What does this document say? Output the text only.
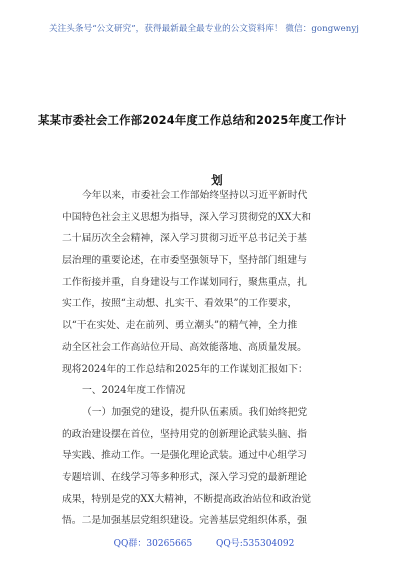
关注头条号“公文研究”，获得最新最全最专业的公文资料库！ 微信：gongwenyj
某某市委社会工作部2024年度工作总结和2025年度工作计
划
今年以来，市委社会工作部始终坚持以习近平新时代
中国特色社会主义思想为指导，深入学习贯彻党的XX大和
二十届历次全会精神，深入学习贯彻习近平总书记关于基
层治理的重要论述，在市委坚强领导下，坚持部门组建与
工作衔接并重，自身建设与工作谋划同行，聚焦重点，扎
实工作，按照“主动想、扎实干、看效果”的工作要求，
以“干在实处、走在前列、勇立潮头”的精气神，全力推
动全区社会工作高站位开局、高效能落地、高质量发展。
现将2024年的工作总结和2025年的工作谋划汇报如下：
一、2024年度工作情况
（一）加强党的建设，提升队伍素质。我们始终把党
的政治建设摆在首位，坚持用党的创新理论武装头脑、指
导实践、推动工作。一是强化理论武装。通过中心组学习
专题培训、在线学习等多种形式，深入学习党的最新理论
成果，特别是党的XX大精神，不断提高政治站位和政治觉
悟。二是加强基层党组织建设。完善基层党组织体系，强
QQ群：30265665	QQ号:535304092
